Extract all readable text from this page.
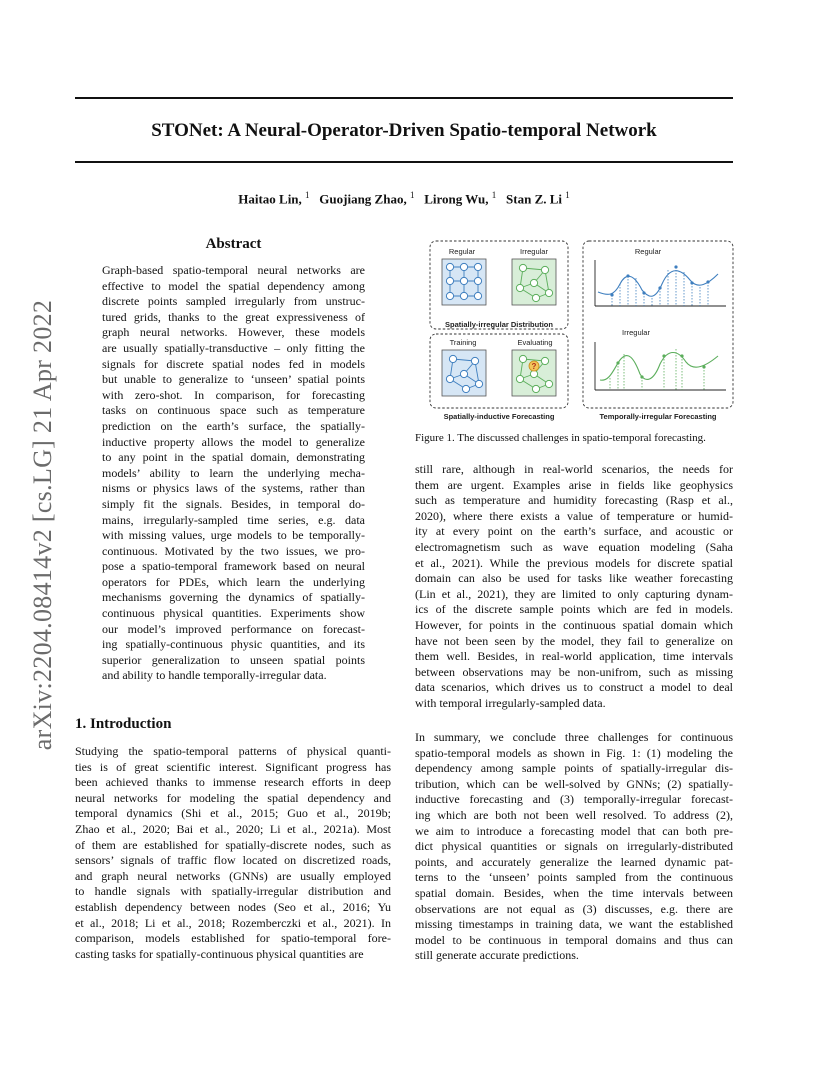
STONet: A Neural-Operator-Driven Spatio-temporal Network
Haitao Lin, $^1$ Guojiang Zhao, $^1$ Lirong Wu, $^1$ Stan Z. Li $^1$
arXiv:2204.08414v2 [cs.LG] 21 Apr 2022
Abstract
Graph-based spatio-temporal neural networks are
effective to model the spatial dependency among
discrete points sampled irregularly from unstruc-
tured grids, thanks to the great expressiveness of
graph neural networks. However, these models
are usually spatially-transductive – only fitting the
signals for discrete spatial nodes fed in models
but unable to generalize to ‘unseen’ spatial points
with zero-shot. In comparison, for forecasting
tasks on continuous space such as temperature
prediction on the earth’s surface, the spatially-
inductive property allows the model to generalize
to any point in the spatial domain, demonstrating
models’ ability to learn the underlying mecha-
nisms or physics laws of the systems, rather than
simply fit the signals. Besides, in temporal do-
mains, irregularly-sampled time series, e.g. data
with missing values, urge models to be temporally-
continuous. Motivated by the two issues, we pro-
pose a spatio-temporal framework based on neural
operators for PDEs, which learn the underlying
mechanisms governing the dynamics of spatially-
continuous physical quantities. Experiments show
our model’s improved performance on forecast-
ing spatially-continuous physic quantities, and its
superior generalization to unseen spatial points
and ability to handle temporally-irregular data.
1. Introduction
Studying the spatio-temporal patterns of physical quanti-
ties is of great scientific interest. Significant progress has
been achieved thanks to immense research efforts in deep
neural networks for modeling the spatial dependency and
temporal dynamics (Shi et al., 2015; Guo et al., 2019b;
Zhao et al., 2020; Bai et al., 2020; Li et al., 2021a). Most
of them are established for spatially-discrete nodes, such as
sensors’ signals of traffic flow located on discretized roads,
and graph neural networks (GNNs) are usually employed
to handle signals with spatially-irregular distribution and
establish dependency between nodes (Seo et al., 2016; Yu
et al., 2018; Li et al., 2018; Rozemberczki et al., 2021). In
comparison, models established for spatio-temporal fore-
casting tasks for spatially-continuous physical quantities are
Regular	Irregular
Spatially-irregular Distribution
Training	Evaluating
?
Spatially-inductive Forecasting
Regular
Irregular
Temporally-irregular Forecasting
Figure 1. The discussed challenges in spatio-temporal forecasting.
still rare, although in real-world scenarios, the needs for
them are urgent. Examples arise in fields like geophysics
such as temperature and humidity forecasting (Rasp et al.,
2020), where there exists a value of temperature or humid-
ity at every point on the earth’s surface, and acoustic or
electromagnetism such as wave equation modeling (Saha
et al., 2021). While the previous models for discrete spatial
domain can also be used for tasks like weather forecasting
(Lin et al., 2021), they are limited to only capturing dynam-
ics of the discrete sample points which are fed in models.
However, for points in the continuous spatial domain which
have not been seen by the model, they fail to generalize on
them well. Besides, in real-world application, time intervals
between observations may be non-unifrom, such as missing
data scenarios, which drives us to construct a model to deal
with temporal irregularly-sampled data.
In summary, we conclude three challenges for continuous
spatio-temporal models as shown in Fig. 1: (1) modeling the
dependency among sample points of spatially-irregular dis-
tribution, which can be well-solved by GNNs; (2) spatially-
inductive forecasting and (3) temporally-irregular forecast-
ing which are both not been well resolved. To address (2),
we aim to introduce a forecasting model that can both pre-
dict physical quantities or signals on irregularly-distributed
points, and accurately generalize the learned dynamic pat-
terns to the ‘unseen’ points sampled from the continuous
spatial domain. Besides, when the time intervals between
observations are not equal as (3) discusses, e.g. there are
missing timestamps in training data, we want the established
model to be continuous in temporal domains and thus can
still generate accurate predictions.
